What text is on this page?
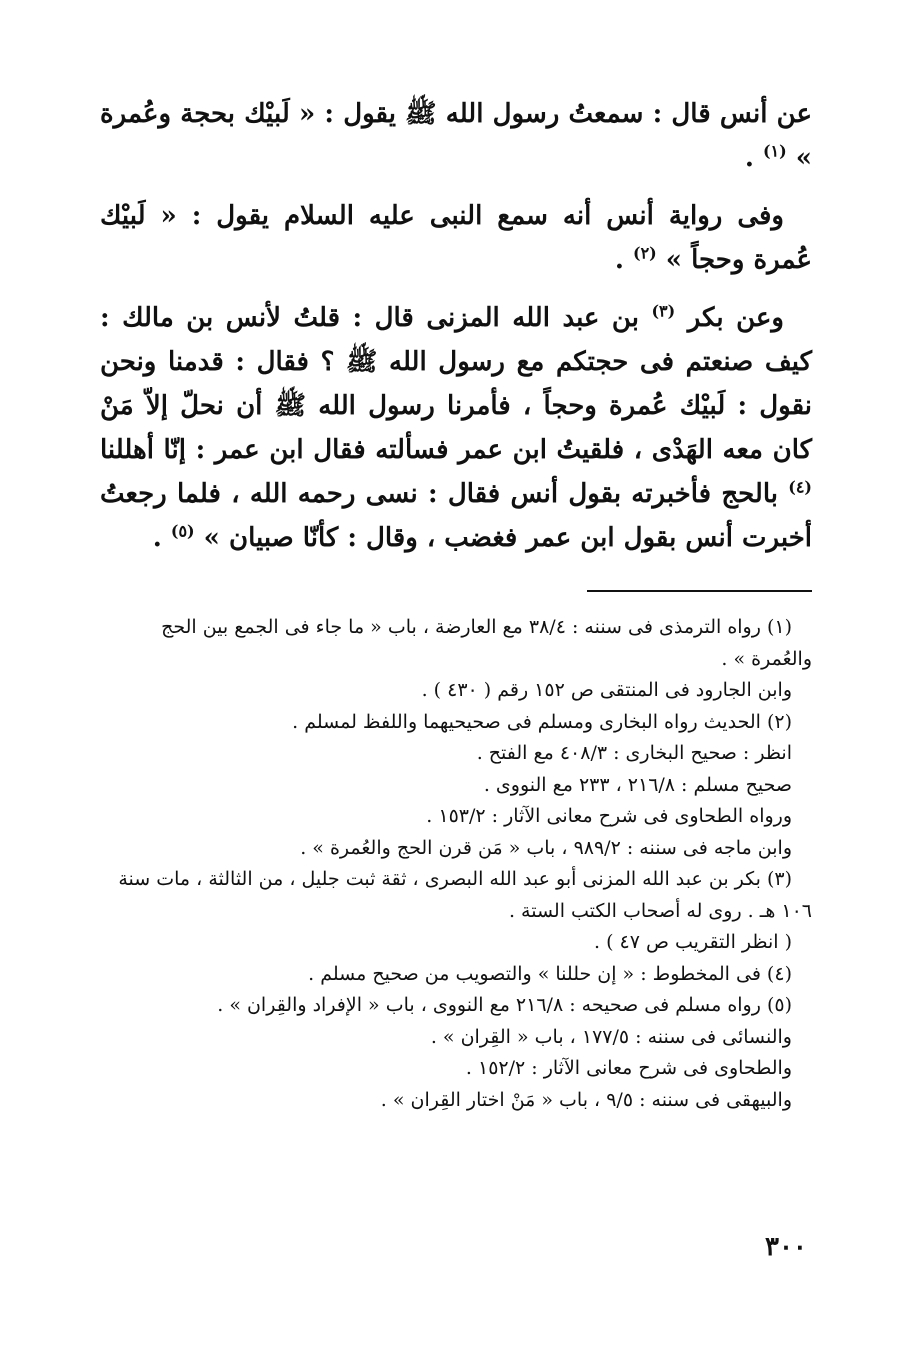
عن أنس قال : سمعتُ رسول الله ﷺ يقول : « لَبيْك بحجة وعُمرة » $^{(١)}$ .

وفى رواية أنس أنه سمع النبى عليه السلام يقول : « لَبيْك عُمرة وحجاً » $^{(٢)}$ .

وعن بكر $^{(٣)}$ بن عبد الله المزنى قال : قلتُ لأنس بن مالك : كيف صنعتم فى حجتكم مع رسول الله ﷺ ؟ فقال : قدمنا ونحن نقول : لَبيْك عُمرة وحجاً ، فأمرنا رسول الله ﷺ أن نحلّ إلاّ مَنْ كان معه الهَدْى ، فلقيتُ ابن عمر فسألته فقال ابن عمر : إنّا أهللنا $^{(٤)}$ بالحج فأخبرته بقول أنس فقال : نسى رحمه الله ، فلما رجعتُ أخبرت أنس بقول ابن عمر فغضب ، وقال : كأنّا صبيان » $^{(٥)}$ .

(١) رواه الترمذى فى سننه : ٣٨/٤ مع العارضة ، باب « ما جاء فى الجمع بين الحج والعُمرة » .

وابن الجارود فى المنتقى ص ١٥٢ رقم ( ٤٣٠ ) .

(٢) الحديث رواه البخارى ومسلم فى صحيحيهما واللفظ لمسلم .

انظر : صحيح البخارى : ٤٠٨/٣ مع الفتح .

صحيح مسلم : ٢١٦/٨ ، ٢٣٣ مع النووى .

ورواه الطحاوى فى شرح معانى الآثار : ١٥٣/٢ .

وابن ماجه فى سننه : ٩٨٩/٢ ، باب « مَن قرن الحج والعُمرة » .

(٣) بكر بن عبد الله المزنى أبو عبد الله البصرى ، ثقة ثبت جليل ، من الثالثة ، مات سنة ١٠٦ هـ . روى له أصحاب الكتب الستة .

( انظر التقريب ص ٤٧ ) .

(٤) فى المخطوط : « إن حللنا » والتصويب من صحيح مسلم .

(٥) رواه مسلم فى صحيحه : ٢١٦/٨ مع النووى ، باب « الإفراد والقِران » .

والنسائى فى سننه : ١٧٧/٥ ، باب « القِران » .

والطحاوى فى شرح معانى الآثار : ١٥٢/٢ .

والبيهقى فى سننه : ٩/٥ ، باب « مَنْ اختار القِران » .

٣٠٠
